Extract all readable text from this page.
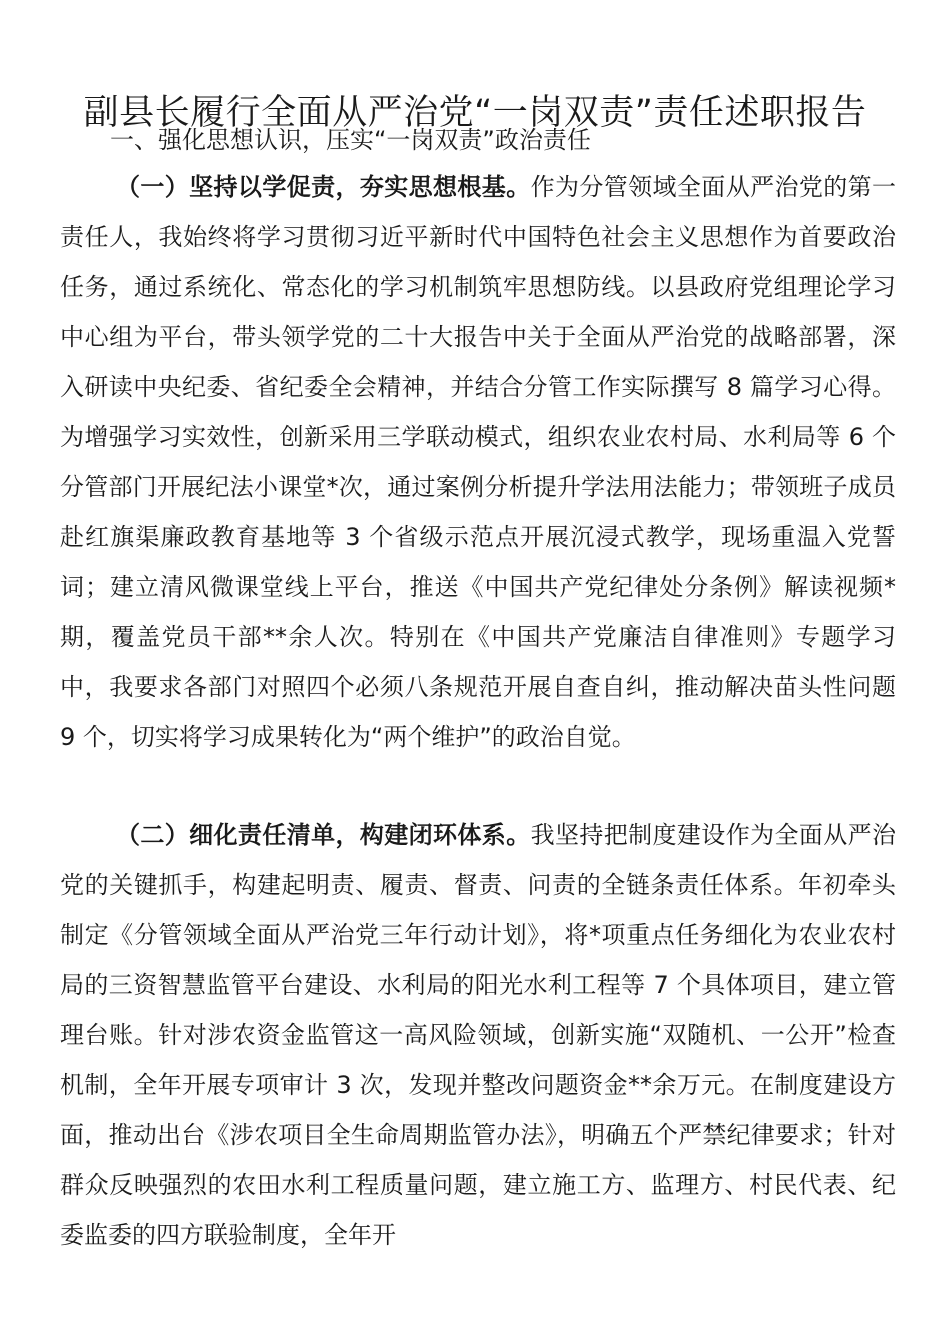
副县长履行全面从严治党“一岗双责”责任述职报告
一、强化思想认识，压实“一岗双责”政治责任

（一）坚持以学促责，夯实思想根基。作为分管领域全面从严治党的第一责任人，我始终将学习贯彻习近平新时代中国特色社会主义思想作为首要政治任务，通过系统化、常态化的学习机制筑牢思想防线。以县政府党组理论学习中心组为平台，带头领学党的二十大报告中关于全面从严治党的战略部署，深入研读中央纪委、省纪委全会精神，并结合分管工作实际撰写 8 篇学习心得。为增强学习实效性，创新采用三学联动模式，组织农业农村局、水利局等 6 个分管部门开展纪法小课堂*次，通过案例分析提升学法用法能力；带领班子成员赴红旗渠廉政教育基地等 3 个省级示范点开展沉浸式教学，现场重温入党誓词；建立清风微课堂线上平台，推送《中国共产党纪律处分条例》解读视频*期，覆盖党员干部**余人次。特别在《中国共产党廉洁自律准则》专题学习中，我要求各部门对照四个必须八条规范开展自查自纠，推动解决苗头性问题 9 个，切实将学习成果转化为“两个维护”的政治自觉。

（二）细化责任清单，构建闭环体系。我坚持把制度建设作为全面从严治党的关键抓手，构建起明责、履责、督责、问责的全链条责任体系。年初牵头制定《分管领域全面从严治党三年行动计划》，将*项重点任务细化为农业农村局的三资智慧监管平台建设、水利局的阳光水利工程等 7 个具体项目，建立管理台账。针对涉农资金监管这一高风险领域，创新实施“双随机、一公开”检查机制，全年开展专项审计 3 次，发现并整改问题资金**余万元。在制度建设方面，推动出台《涉农项目全生命周期监管办法》，明确五个严禁纪律要求；针对群众反映强烈的农田水利工程质量问题，建立施工方、监理方、村民代表、纪委监委的四方联验制度，全年开
